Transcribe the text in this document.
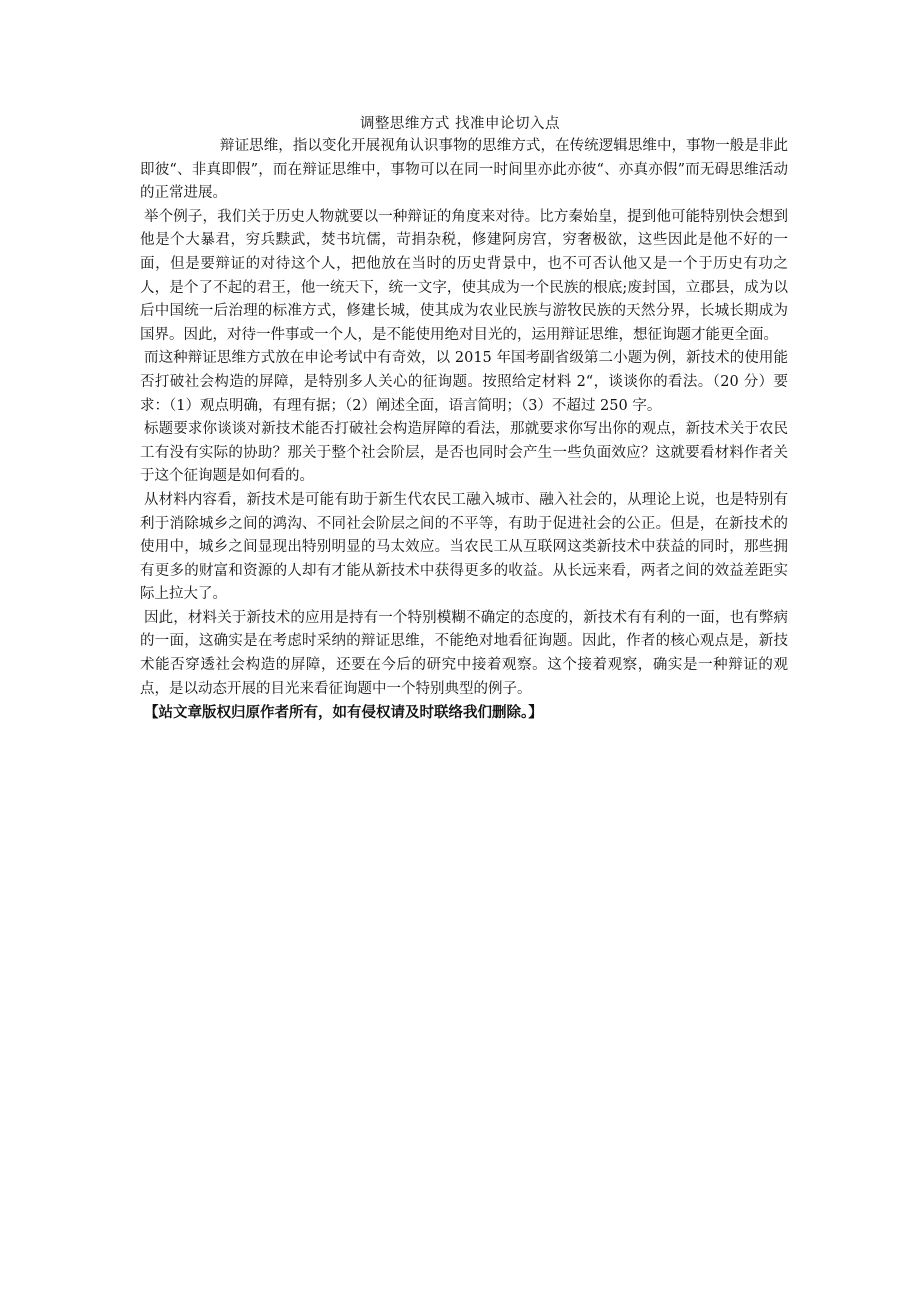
调整思维方式 找准申论切入点

辩证思维，指以变化开展视角认识事物的思维方式，在传统逻辑思维中，事物一般是非此即彼“、非真即假”，而在辩证思维中，事物可以在同一时间里亦此亦彼“、亦真亦假”而无碍思维活动的正常进展。

举个例子，我们关于历史人物就要以一种辩证的角度来对待。比方秦始皇，提到他可能特别快会想到他是个大暴君，穷兵黩武，焚书坑儒，苛捐杂税，修建阿房宫，穷奢极欲，这些因此是他不好的一面，但是要辩证的对待这个人，把他放在当时的历史背景中，也不可否认他又是一个于历史有功之人，是个了不起的君王，他一统天下，统一文字，使其成为一个民族的根底;废封国，立郡县，成为以后中国统一后治理的标准方式，修建长城，使其成为农业民族与游牧民族的天然分界，长城长期成为国界。因此，对待一件事或一个人，是不能使用绝对目光的，运用辩证思维，想征询题才能更全面。

而这种辩证思维方式放在申论考试中有奇效，以 2015 年国考副省级第二小题为例，新技术的使用能否打破社会构造的屏障，是特别多人关心的征询题。按照给定材料 2“，谈谈你的看法。（20 分）要求：（1）观点明确，有理有据；（2）阐述全面，语言简明；（3）不超过 250 字。

标题要求你谈谈对新技术能否打破社会构造屏障的看法，那就要求你写出你的观点，新技术关于农民工有没有实际的协助？那关于整个社会阶层，是否也同时会产生一些负面效应？这就要看材料作者关于这个征询题是如何看的。

从材料内容看，新技术是可能有助于新生代农民工融入城市、融入社会的，从理论上说，也是特别有利于消除城乡之间的鸿沟、不同社会阶层之间的不平等，有助于促进社会的公正。但是，在新技术的使用中，城乡之间显现出特别明显的马太效应。当农民工从互联网这类新技术中获益的同时，那些拥有更多的财富和资源的人却有才能从新技术中获得更多的收益。从长远来看，两者之间的效益差距实际上拉大了。

因此，材料关于新技术的应用是持有一个特别模糊不确定的态度的，新技术有有利的一面，也有弊病的一面，这确实是在考虑时采纳的辩证思维，不能绝对地看征询题。因此，作者的核心观点是，新技术能否穿透社会构造的屏障，还要在今后的研究中接着观察。这个接着观察，确实是一种辩证的观点，是以动态开展的目光来看征询题中一个特别典型的例子。

【站文章版权归原作者所有，如有侵权请及时联络我们删除。】
